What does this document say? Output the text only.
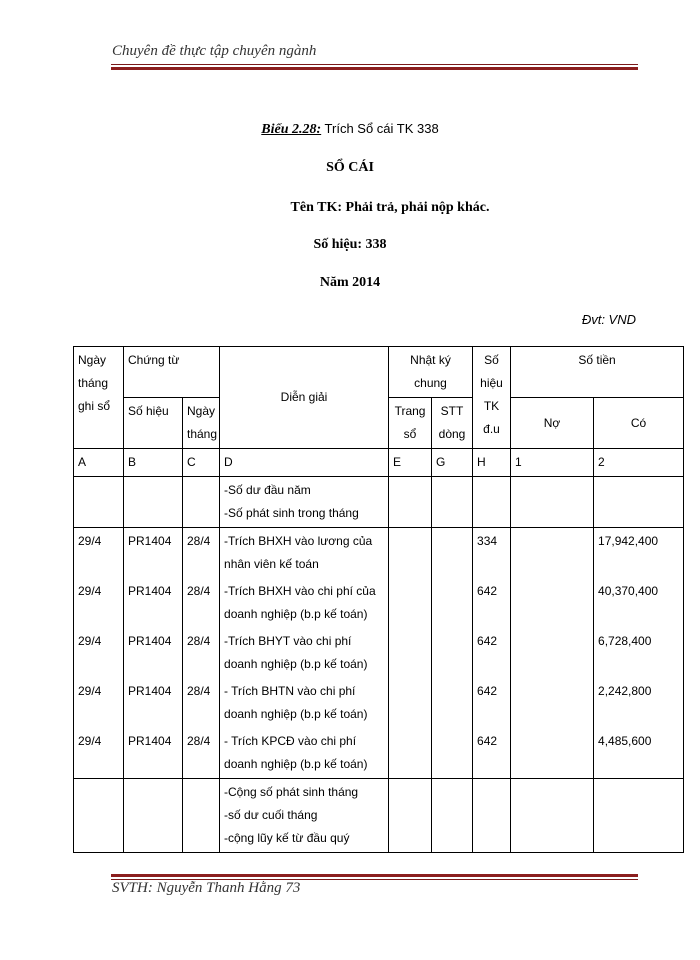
Chuyên đề thực tập chuyên ngành
Biểu 2.28: Trích Sổ cái TK 338
SỔ CÁI
Tên TK: Phải trả, phải nộp khác.
Số hiệu: 338
Năm 2014
Đvt: VND
Ngày tháng ghi sổ	Chứng từ		Diễn giải	Nhật ký chung		Số hiệu TK đ.u	Số tiền	
	Số hiệu	Ngày tháng		Trang sổ	STT dòng		Nợ	Có
A	B	C	D	E	G	H	1	2

			-Số dư đầu năm
-Số phát sinh trong tháng					

29/4	PR1404	28/4	-Trích BHXH vào lương của nhân viên kế toán			334		17,942,400
29/4	PR1404	28/4	-Trích BHXH vào chi phí của doanh nghiệp (b.p kế toán)			642		40,370,400
29/4	PR1404	28/4	-Trích BHYT vào chi phí doanh nghiệp (b.p kế toán)			642		6,728,400
29/4	PR1404	28/4	- Trích BHTN vào chi phí doanh nghiệp (b.p kế toán)			642		2,242,800
29/4	PR1404	28/4	- Trích KPCĐ vào chi phí doanh nghiệp (b.p kế toán)			642		4,485,600

			-Cộng số phát sinh tháng
-số dư cuối tháng
-cộng lũy kế từ đầu quý					

SVTH: Nguyễn Thanh Hằng 73
